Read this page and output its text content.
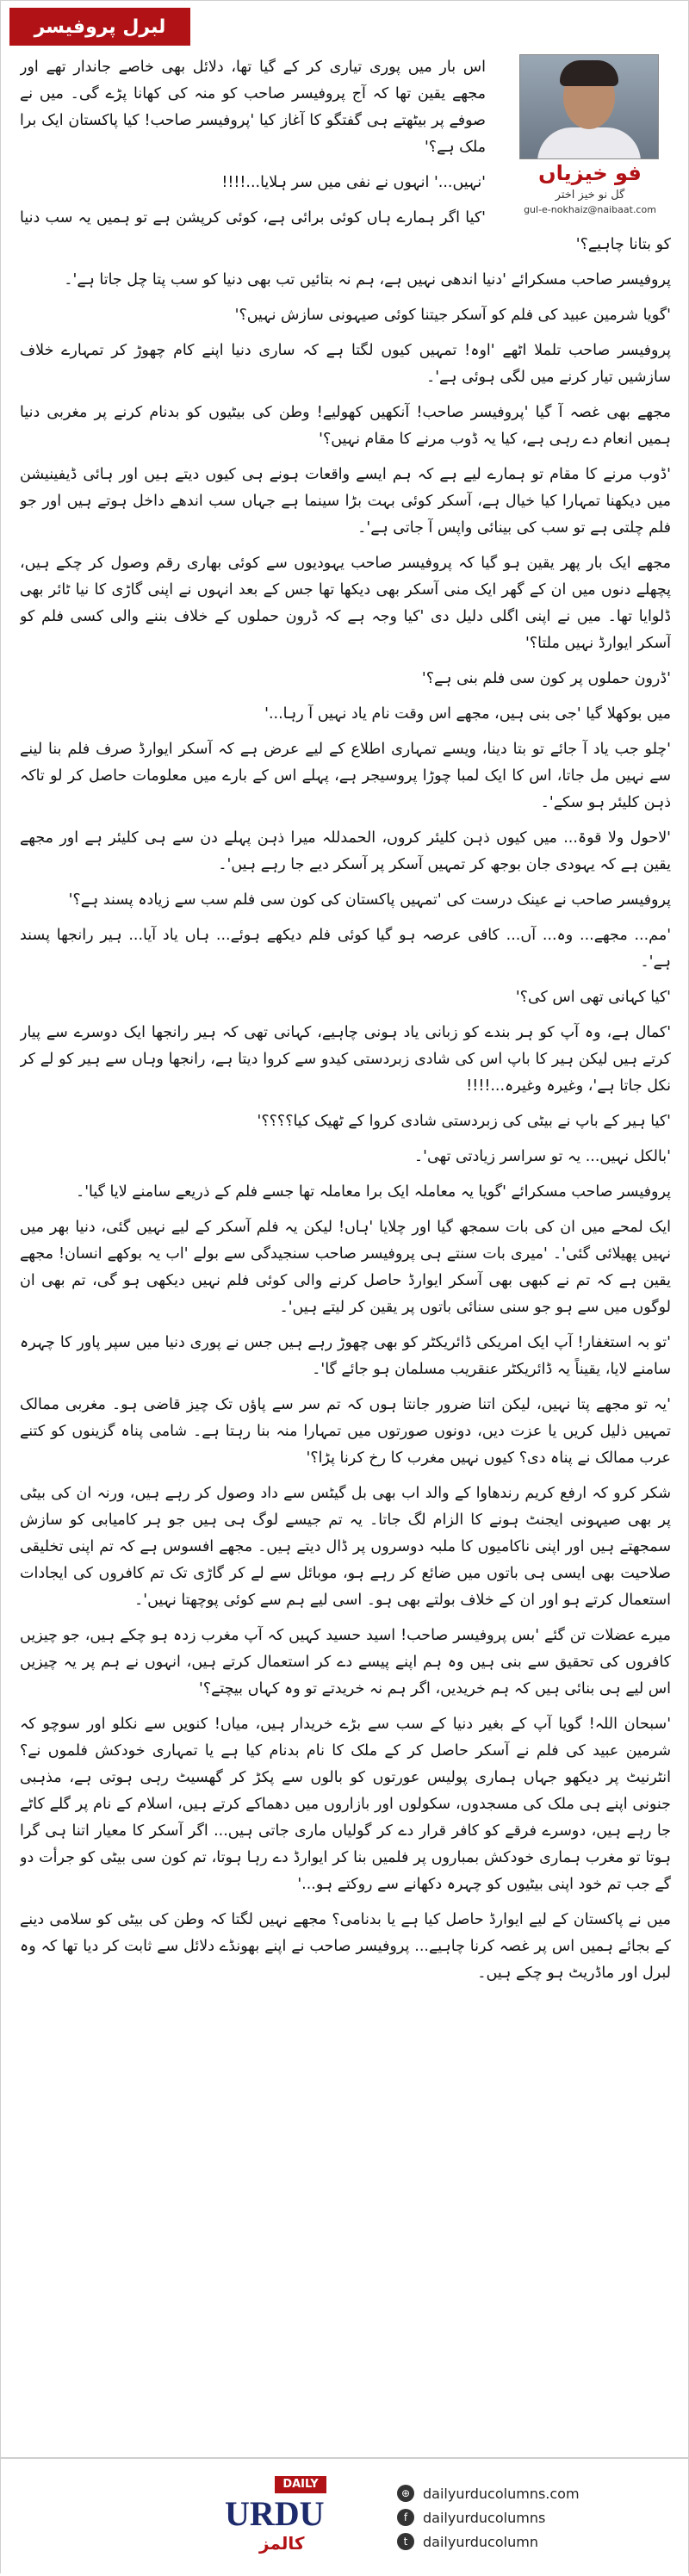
لبرل پروفیسر
فو خیزیاں
گل نو خیز اختر
gul-e-nokhaiz@naibaat.com

اس بار میں پوری تیاری کر کے گیا تھا، دلائل بھی خاصے جاندار تھے اور مجھے یقین تھا کہ آج پروفیسر صاحب کو منہ کی کھانا پڑے گی۔ میں نے صوفے پر بیٹھتے ہی گفتگو کا آغاز کیا 'پروفیسر صاحب! کیا پاکستان ایک برا ملک ہے؟'

'نہیں...' انہوں نے نفی میں سر ہلایا...!!!!

'کیا اگر ہمارے ہاں کوئی برائی ہے، کوئی کرپشن ہے تو ہمیں یہ سب دنیا کو بتانا چاہیے؟'

پروفیسر صاحب مسکرائے 'دنیا اندھی نہیں ہے، ہم نہ بتائیں تب بھی دنیا کو سب پتا چل جاتا ہے'۔

'گویا شرمین عبید کی فلم کو آسکر جیتنا کوئی صیہونی سازش نہیں؟'

پروفیسر صاحب تلملا اٹھے 'اوہ! تمہیں کیوں لگتا ہے کہ ساری دنیا اپنے کام چھوڑ کر تمہارے خلاف سازشیں تیار کرنے میں لگی ہوئی ہے'۔

مجھے بھی غصہ آ گیا 'پروفیسر صاحب! آنکھیں کھولیے! وطن کی بیٹیوں کو بدنام کرنے پر مغربی دنیا ہمیں انعام دے رہی ہے، کیا یہ ڈوب مرنے کا مقام نہیں؟'

'ڈوب مرنے کا مقام تو ہمارے لیے ہے کہ ہم ایسے واقعات ہونے ہی کیوں دیتے ہیں اور ہائی ڈیفینیشن میں دیکھنا تمہارا کیا خیال ہے، آسکر کوئی بہت بڑا سینما ہے جہاں سب اندھے داخل ہوتے ہیں اور جو فلم چلتی ہے تو سب کی بینائی واپس آ جاتی ہے'۔

مجھے ایک بار پھر یقین ہو گیا کہ پروفیسر صاحب یہودیوں سے کوئی بھاری رقم وصول کر چکے ہیں، پچھلے دنوں میں ان کے گھر ایک منی آسکر بھی دیکھا تھا جس کے بعد انہوں نے اپنی گاڑی کا نیا ٹائر بھی ڈلوایا تھا۔ میں نے اپنی اگلی دلیل دی 'کیا وجہ ہے کہ ڈرون حملوں کے خلاف بننے والی کسی فلم کو آسکر ایوارڈ نہیں ملتا؟'

'ڈرون حملوں پر کون سی فلم بنی ہے؟'

میں بوکھلا گیا 'جی بنی ہیں، مجھے اس وقت نام یاد نہیں آ رہا...'

'چلو جب یاد آ جائے تو بتا دینا، ویسے تمہاری اطلاع کے لیے عرض ہے کہ آسکر ایوارڈ صرف فلم بنا لینے سے نہیں مل جاتا، اس کا ایک لمبا چوڑا پروسیجر ہے، پہلے اس کے بارے میں معلومات حاصل کر لو تاکہ ذہن کلیئر ہو سکے'۔

'لاحول ولا قوۃ... میں کیوں ذہن کلیئر کروں، الحمدللہ میرا ذہن پہلے دن سے ہی کلیئر ہے اور مجھے یقین ہے کہ یہودی جان بوجھ کر تمہیں آسکر پر آسکر دیے جا رہے ہیں'۔

پروفیسر صاحب نے عینک درست کی 'تمہیں پاکستان کی کون سی فلم سب سے زیادہ پسند ہے؟'

'مم... مجھے... وہ... آں... کافی عرصہ ہو گیا کوئی فلم دیکھے ہوئے... ہاں یاد آیا... ہیر رانجھا پسند ہے'۔

'کیا کہانی تھی اس کی؟'

'کمال ہے، وہ آپ کو ہر بندے کو زبانی یاد ہونی چاہیے، کہانی تھی کہ ہیر رانجھا ایک دوسرے سے پیار کرتے ہیں لیکن ہیر کا باپ اس کی شادی زبردستی کیدو سے کروا دیتا ہے، رانجھا وہاں سے ہیر کو لے کر نکل جاتا ہے'، وغیرہ وغیرہ...!!!!

'کیا ہیر کے باپ نے بیٹی کی زبردستی شادی کروا کے ٹھیک کیا؟؟؟؟'

'بالکل نہیں... یہ تو سراسر زیادتی تھی'۔

پروفیسر صاحب مسکرائے 'گویا یہ معاملہ ایک برا معاملہ تھا جسے فلم کے ذریعے سامنے لایا گیا'۔

ایک لمحے میں ان کی بات سمجھ گیا اور چلایا 'ہاں! لیکن یہ فلم آسکر کے لیے نہیں گئی، دنیا بھر میں نہیں پھیلائی گئی'۔ 'میری بات سنتے ہی پروفیسر صاحب سنجیدگی سے بولے 'اب یہ بوکھے انسان! مجھے یقین ہے کہ تم نے کبھی بھی آسکر ایوارڈ حاصل کرنے والی کوئی فلم نہیں دیکھی ہو گی، تم بھی ان لوگوں میں سے ہو جو سنی سنائی باتوں پر یقین کر لیتے ہیں'۔

'تو بہ استغفار! آپ ایک امریکی ڈائریکٹر کو بھی چھوڑ رہے ہیں جس نے پوری دنیا میں سپر پاور کا چہرہ سامنے لایا، یقیناً یہ ڈائریکٹر عنقریب مسلمان ہو جائے گا'۔

'یہ تو مجھے پتا نہیں، لیکن اتنا ضرور جانتا ہوں کہ تم سر سے پاؤں تک چیز قاضی ہو۔ مغربی ممالک تمہیں ذلیل کریں یا عزت دیں، دونوں صورتوں میں تمہارا منہ بنا رہتا ہے۔ شامی پناہ گزینوں کو کتنے عرب ممالک نے پناہ دی؟ کیوں نہیں مغرب کا رخ کرنا پڑا؟'

شکر کرو کہ ارفع کریم رندھاوا کے والد اب بھی بل گیٹس سے داد وصول کر رہے ہیں، ورنہ ان کی بیٹی پر بھی صیہونی ایجنٹ ہونے کا الزام لگ جاتا۔ یہ تم جیسے لوگ ہی ہیں جو ہر کامیابی کو سازش سمجھتے ہیں اور اپنی ناکامیوں کا ملبہ دوسروں پر ڈال دیتے ہیں۔ مجھے افسوس ہے کہ تم اپنی تخلیقی صلاحیت بھی ایسی ہی باتوں میں ضائع کر رہے ہو، موبائل سے لے کر گاڑی تک تم کافروں کی ایجادات استعمال کرتے ہو اور ان کے خلاف بولتے بھی ہو۔ اسی لیے ہم سے کوئی پوچھتا نہیں'۔

میرے عضلات تن گئے 'بس پروفیسر صاحب! اسید حسید کہیں کہ آپ مغرب زدہ ہو چکے ہیں، جو چیزیں کافروں کی تحقیق سے بنی ہیں وہ ہم اپنے پیسے دے کر استعمال کرتے ہیں، انہوں نے ہم پر یہ چیزیں اس لیے ہی بنائی ہیں کہ ہم خریدیں، اگر ہم نہ خریدتے تو وہ کہاں بیچتے؟'

'سبحان اللہ! گویا آپ کے بغیر دنیا کے سب سے بڑے خریدار ہیں، میاں! کنویں سے نکلو اور سوچو کہ شرمین عبید کی فلم نے آسکر حاصل کر کے ملک کا نام بدنام کیا ہے یا تمہاری خودکش فلموں نے؟ انٹرنیٹ پر دیکھو جہاں ہماری پولیس عورتوں کو بالوں سے پکڑ کر گھسیٹ رہی ہوتی ہے، مذہبی جنونی اپنے ہی ملک کی مسجدوں، سکولوں اور بازاروں میں دھماکے کرتے ہیں، اسلام کے نام پر گلے کاٹے جا رہے ہیں، دوسرے فرقے کو کافر قرار دے کر گولیاں ماری جاتی ہیں... اگر آسکر کا معیار اتنا ہی گرا ہوتا تو مغرب ہماری خودکش بمباروں پر فلمیں بنا کر ایوارڈ دے رہا ہوتا، تم کون سی بیٹی کو جرأت دو گے جب تم خود اپنی بیٹیوں کو چہرہ دکھانے سے روکتے ہو...'

میں نے پاکستان کے لیے ایوارڈ حاصل کیا ہے یا بدنامی؟ مجھے نہیں لگتا کہ وطن کی بیٹی کو سلامی دینے کے بجائے ہمیں اس پر غصہ کرنا چاہیے... پروفیسر صاحب نے اپنے بھونڈے دلائل سے ثابت کر دیا تھا کہ وہ لبرل اور ماڈریٹ ہو چکے ہیں۔

DAILY
URDU
کالمز
⊕ dailyurducolumns.com
f	dailyurducolumns
t	dailyurducolumn
